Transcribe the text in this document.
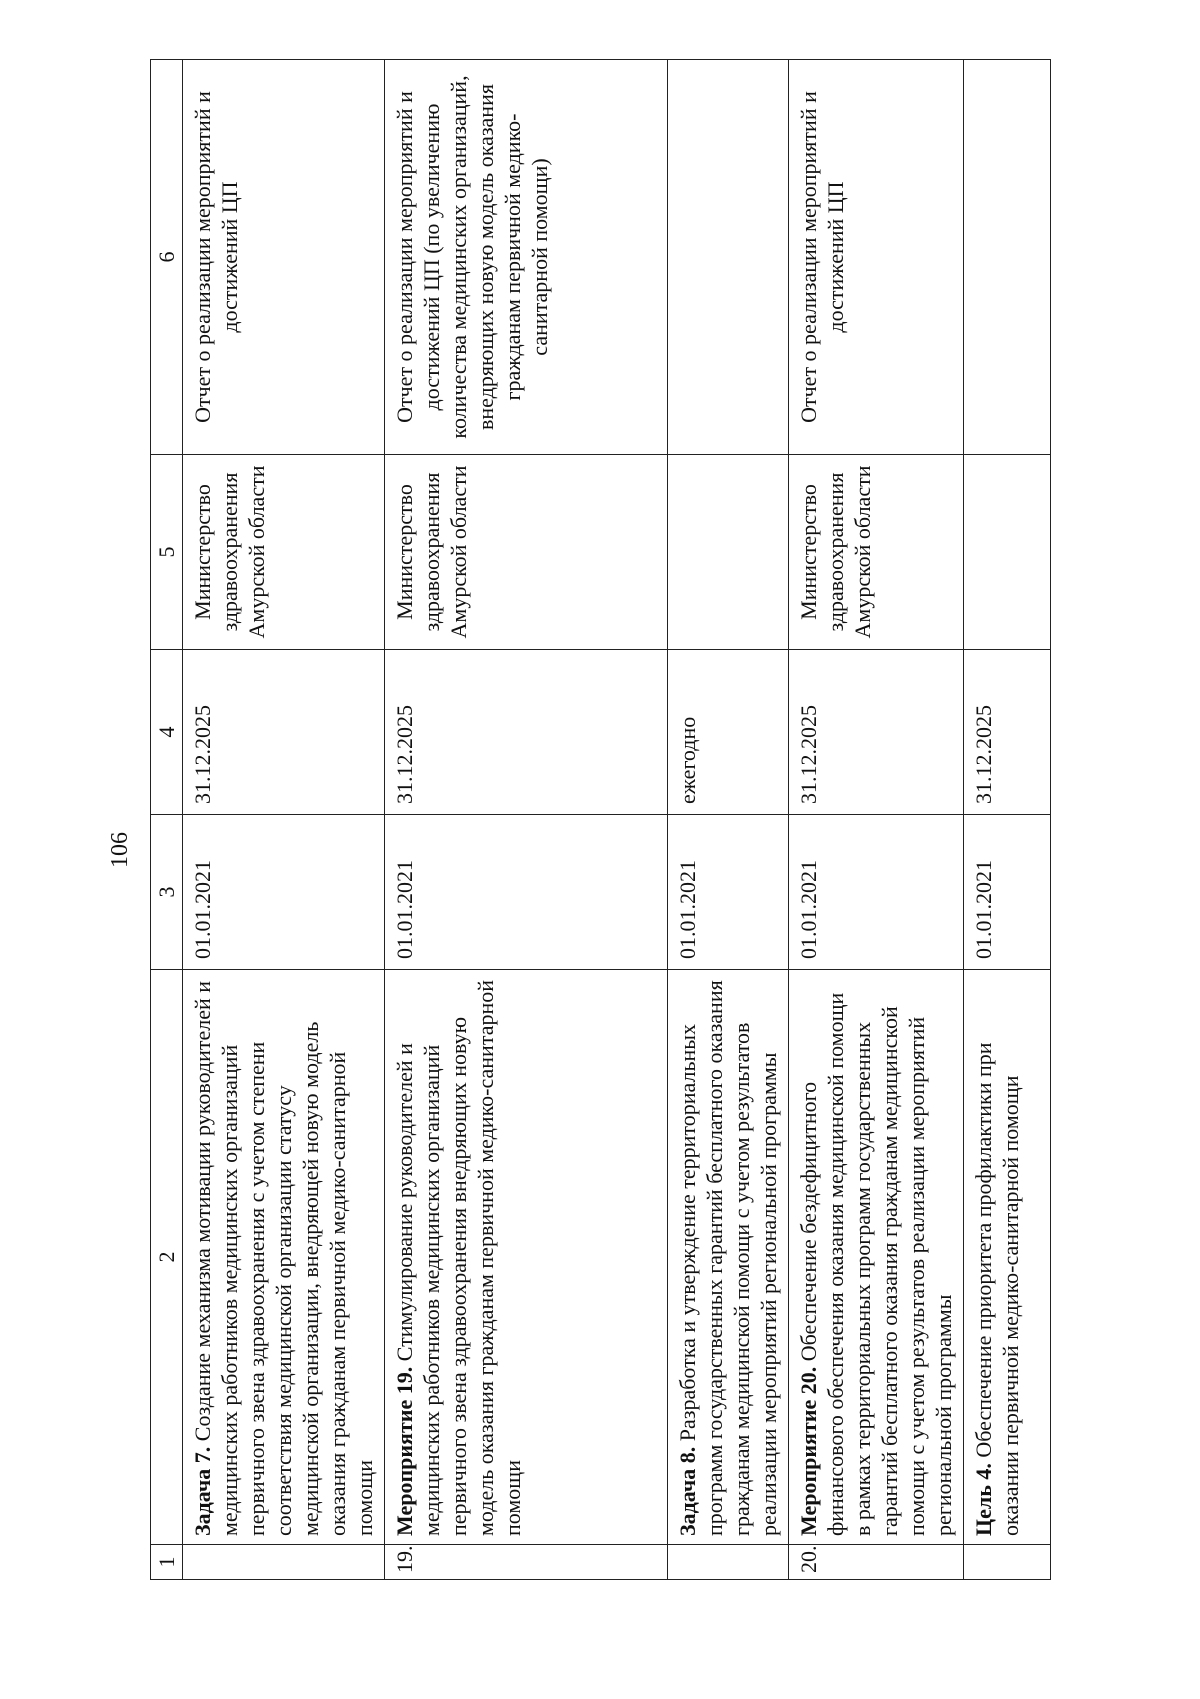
106
1	2	3	4	5	6
	Задача 7. Создание механизма мотивации руководителей и медицинских работников медицинских организаций первичного звена здравоохранения с учетом степени соответствия медицинской организации статусу медицинской организации, внедряющей новую модель оказания гражданам первичной медико-санитарной помощи	01.01.2021	31.12.2025	Министерство здравоохранения Амурской области	Отчет о реализации мероприятий и достижений ЦП
19.	Мероприятие 19. Стимулирование руководителей и медицинских работников медицинских организаций первичного звена здравоохранения внедряющих новую модель оказания гражданам первичной медико-санитарной помощи	01.01.2021	31.12.2025	Министерство здравоохранения Амурской области	Отчет о реализации мероприятий и достижений ЦП (по увеличению количества медицинских организаций, внедряющих новую модель оказания гражданам первичной медико-санитарной помощи)
	Задача 8. Разработка и утверждение территориальных программ государственных гарантий бесплатного оказания гражданам медицинской помощи с учетом результатов реализации мероприятий региональной программы	01.01.2021	ежегодно		
20.	Мероприятие 20. Обеспечение бездефицитного финансового обеспечения оказания медицинской помощи в рамках территориальных программ государственных гарантий бесплатного оказания гражданам медицинской помощи с учетом результатов реализации мероприятий региональной программы	01.01.2021	31.12.2025	Министерство здравоохранения Амурской области	Отчет о реализации мероприятий и достижений ЦП
	Цель 4. Обеспечение приоритета профилактики при оказании первичной медико-санитарной помощи	01.01.2021	31.12.2025		
